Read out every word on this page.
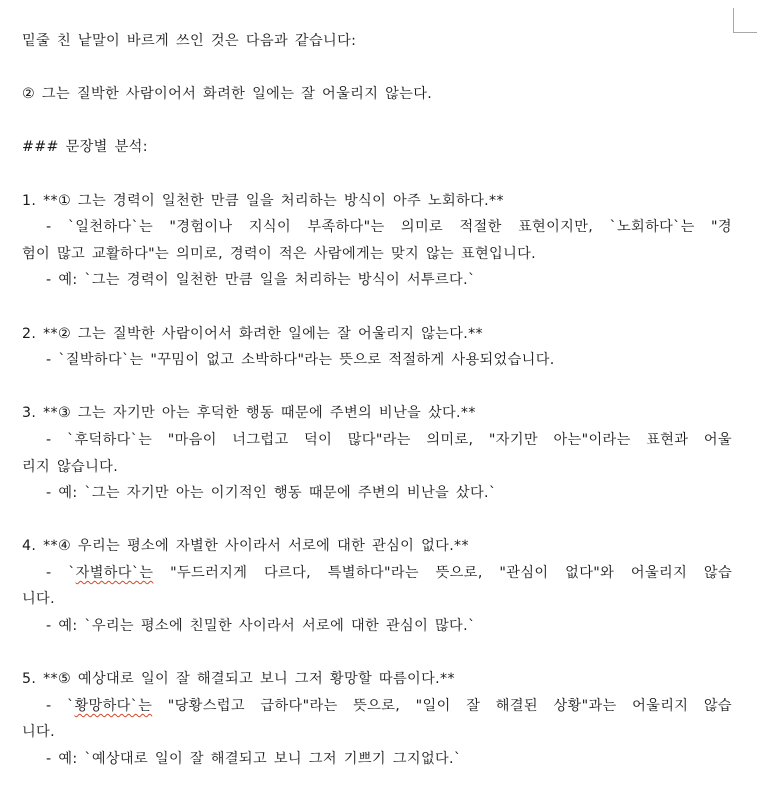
밑줄 친 낱말이 바르게 쓰인 것은 다음과 같습니다:
② 그는 질박한 사람이어서 화려한 일에는 잘 어울리지 않는다.
### 문장별 분석:
1. **① 그는 경력이 일천한 만큼 일을 처리하는 방식이 아주 노회하다.**
- `일천하다`는 "경험이나 지식이 부족하다"는 의미로 적절한 표현이지만, `노회하다`는 "경
험이 많고 교활하다"는 의미로, 경력이 적은 사람에게는 맞지 않는 표현입니다.
- 예: `그는 경력이 일천한 만큼 일을 처리하는 방식이 서투르다.`
2. **② 그는 질박한 사람이어서 화려한 일에는 잘 어울리지 않는다.**
- `질박하다`는 "꾸밈이 없고 소박하다"라는 뜻으로 적절하게 사용되었습니다.
3. **③ 그는 자기만 아는 후덕한 행동 때문에 주변의 비난을 샀다.**
- `후덕하다`는 "마음이 너그럽고 덕이 많다"라는 의미로, "자기만 아는"이라는 표현과 어울
리지 않습니다.
- 예: `그는 자기만 아는 이기적인 행동 때문에 주변의 비난을 샀다.`
4. **④ 우리는 평소에 자별한 사이라서 서로에 대한 관심이 없다.**
- `자별하다`는 "두드러지게 다르다, 특별하다"라는 뜻으로, "관심이 없다"와 어울리지 않습
니다.
- 예: `우리는 평소에 친밀한 사이라서 서로에 대한 관심이 많다.`
5. **⑤ 예상대로 일이 잘 해결되고 보니 그저 황망할 따름이다.**
- `황망하다`는 "당황스럽고 급하다"라는 뜻으로, "일이 잘 해결된 상황"과는 어울리지 않습
니다.
- 예: `예상대로 일이 잘 해결되고 보니 그저 기쁘기 그지없다.`
